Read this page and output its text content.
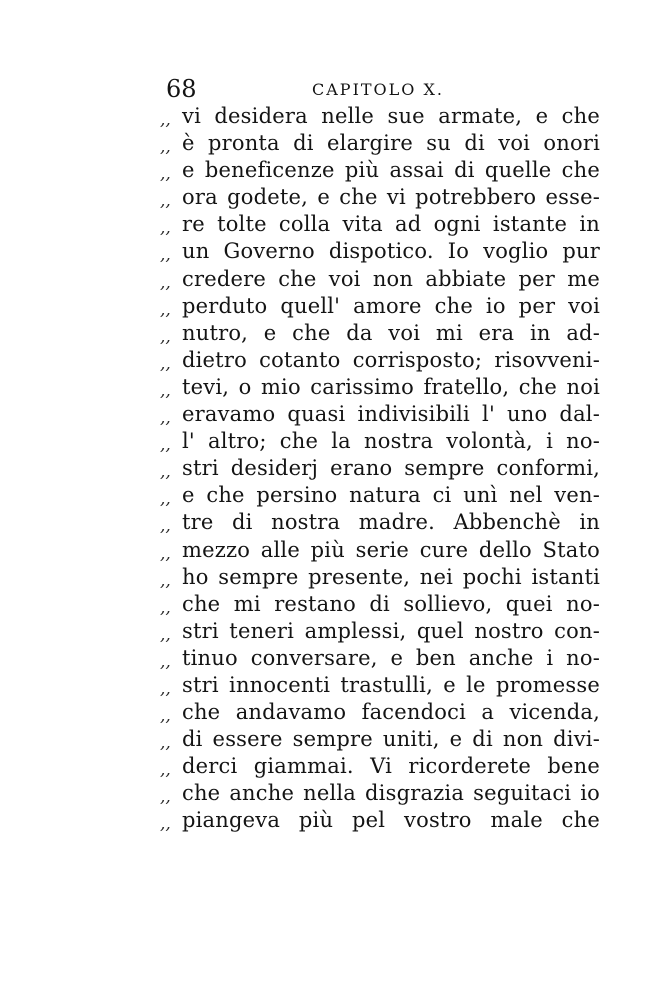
68	CAPITOLO X.
,, vi desidera nelle sue armate, e che
,, è pronta di elargire su di voi onori
,, e beneficenze più assai di quelle che
,, ora godete, e che vi potrebbero esse-
,, re tolte colla vita ad ogni istante in
,, un Governo dispotico. Io voglio pur
,, credere che voi non abbiate per me
,, perduto quell' amore che io per voi
,, nutro, e che da voi mi era in ad-
,, dietro cotanto corrisposto; risovveni-
,, tevi, o mio carissimo fratello, che noi
,, eravamo quasi indivisibili l' uno dal-
,, l' altro; che la nostra volontà, i no-
,, stri desiderj erano sempre conformi,
,, e che persino natura ci unì nel ven-
,, tre di nostra madre. Abbenchè in
,, mezzo alle più serie cure dello Stato
,, ho sempre presente, nei pochi istanti
,, che mi restano di sollievo, quei no-
,, stri teneri amplessi, quel nostro con-
,, tinuo conversare, e ben anche i no-
,, stri innocenti trastulli, e le promesse
,, che andavamo facendoci a vicenda,
,, di essere sempre uniti, e di non divi-
,, derci giammai. Vi ricorderete bene
,, che anche nella disgrazia seguitaci io
,, piangeva più pel vostro male che
